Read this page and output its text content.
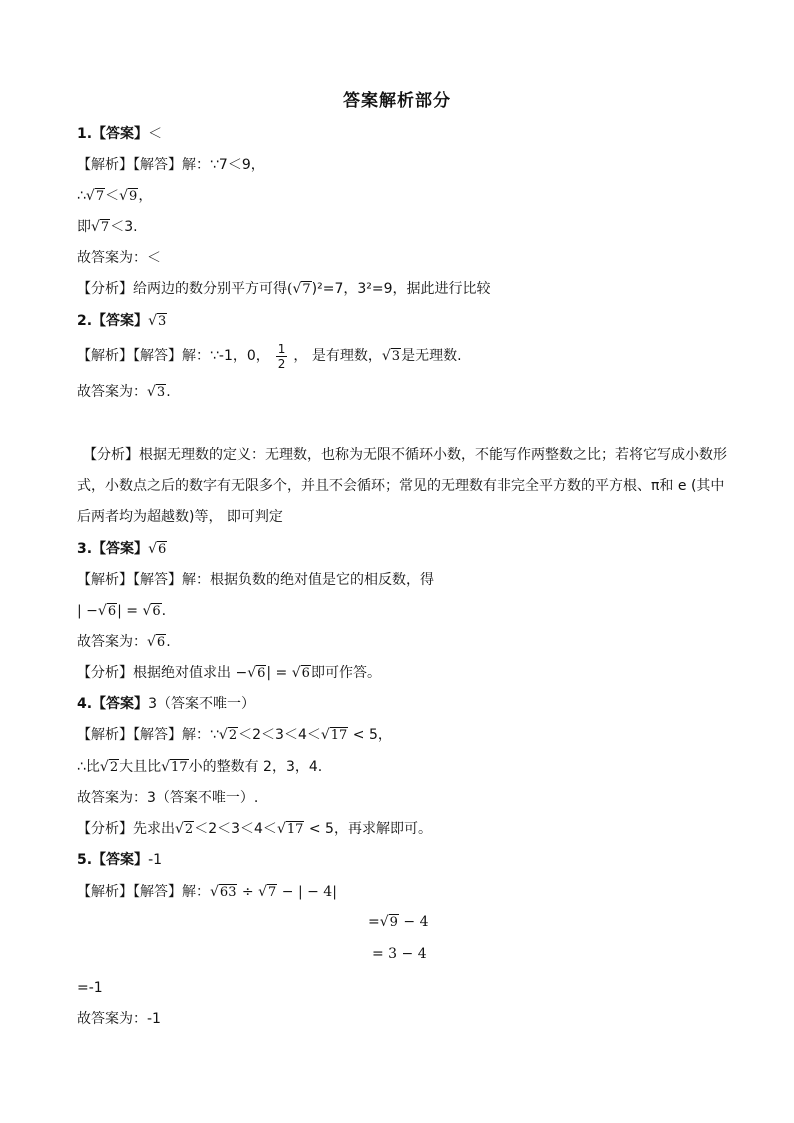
答案解析部分
1.【答案】＜
【解析】【解答】解：∵7＜9，
∴√7＜√9，
即√7＜3.
故答案为：＜
【分析】给两边的数分别平方可得(√7)²=7，3²=9，据此进行比较
2.【答案】√3
【解析】【解答】解：∵-1，0， $\frac{1}{2}$ ， 是有理数，√3是无理数.
故答案为：√3.
【分析】根据无理数的定义：无理数，也称为无限不循环小数，不能写作两整数之比；若将它写成小数形式，小数点之后的数字有无限多个，并且不会循环；常见的无理数有非完全平方数的平方根、π和 e (其中后两者均为超越数)等， 即可判定
3.【答案】√6
【解析】【解答】解：根据负数的绝对值是它的相反数，得
| −√6| = √6.
故答案为：√6.
【分析】根据绝对值求出 −√6| = √6即可作答。
4.【答案】3（答案不唯一）
【解析】【解答】解：∵√2＜2＜3＜4＜√17 < 5，
∴比√2大且比√17小的整数有 2，3，4.
故答案为：3（答案不唯一）.
【分析】先求出√2＜2＜3＜4＜√17 < 5，再求解即可。
5.【答案】-1
【解析】【解答】解：√63 ÷ √7 − | − 4|
=√9 − 4
= 3 − 4
=-1
故答案为：-1
